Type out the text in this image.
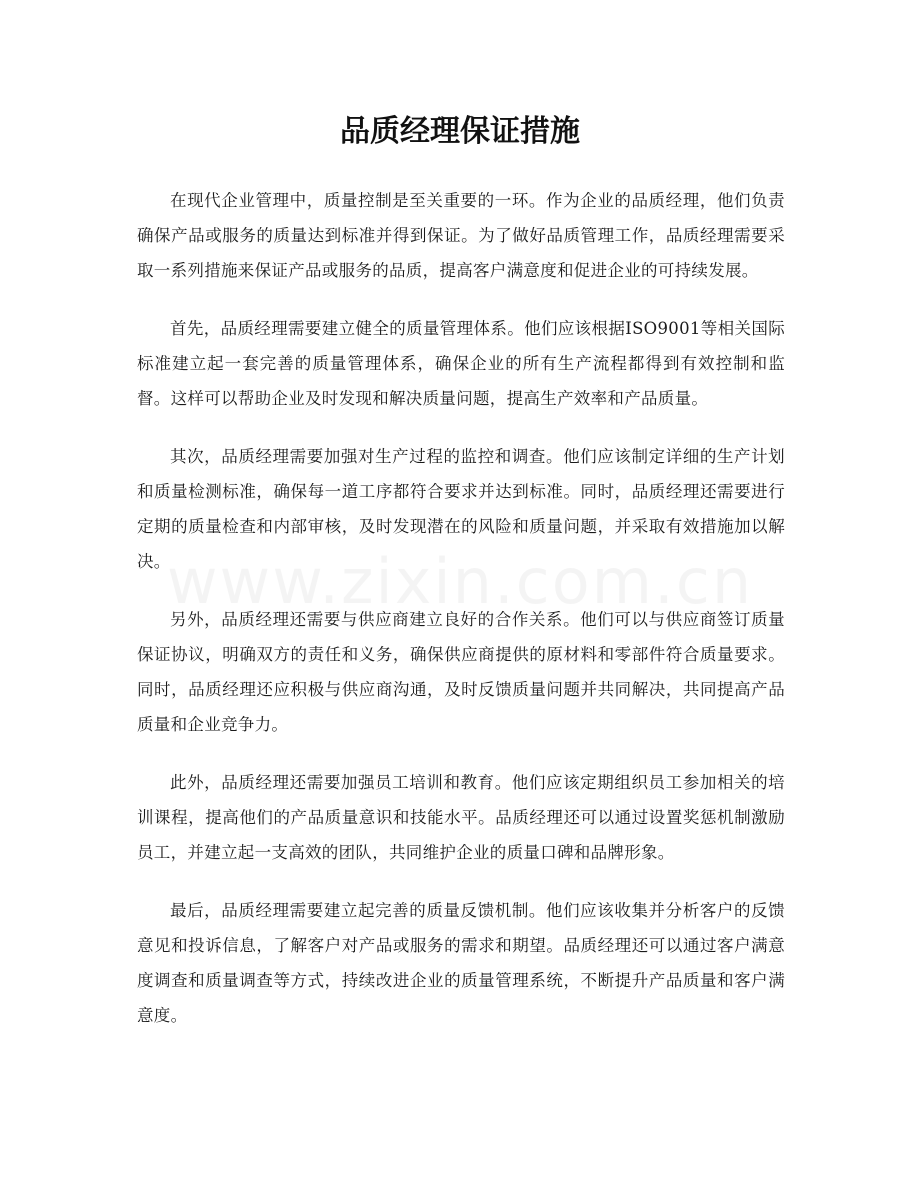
品质经理保证措施

在现代企业管理中，质量控制是至关重要的一环。作为企业的品质经理，他们负责确保产品或服务的质量达到标准并得到保证。为了做好品质管理工作，品质经理需要采取一系列措施来保证产品或服务的品质，提高客户满意度和促进企业的可持续发展。

首先，品质经理需要建立健全的质量管理体系。他们应该根据ISO9001等相关国际标准建立起一套完善的质量管理体系，确保企业的所有生产流程都得到有效控制和监督。这样可以帮助企业及时发现和解决质量问题，提高生产效率和产品质量。

其次，品质经理需要加强对生产过程的监控和调查。他们应该制定详细的生产计划和质量检测标准，确保每一道工序都符合要求并达到标准。同时，品质经理还需要进行定期的质量检查和内部审核，及时发现潜在的风险和质量问题，并采取有效措施加以解决。

另外，品质经理还需要与供应商建立良好的合作关系。他们可以与供应商签订质量保证协议，明确双方的责任和义务，确保供应商提供的原材料和零部件符合质量要求。同时，品质经理还应积极与供应商沟通，及时反馈质量问题并共同解决，共同提高产品质量和企业竞争力。

此外，品质经理还需要加强员工培训和教育。他们应该定期组织员工参加相关的培训课程，提高他们的产品质量意识和技能水平。品质经理还可以通过设置奖惩机制激励员工，并建立起一支高效的团队，共同维护企业的质量口碑和品牌形象。

最后，品质经理需要建立起完善的质量反馈机制。他们应该收集并分析客户的反馈意见和投诉信息，了解客户对产品或服务的需求和期望。品质经理还可以通过客户满意度调查和质量调查等方式，持续改进企业的质量管理系统，不断提升产品质量和客户满意度。
